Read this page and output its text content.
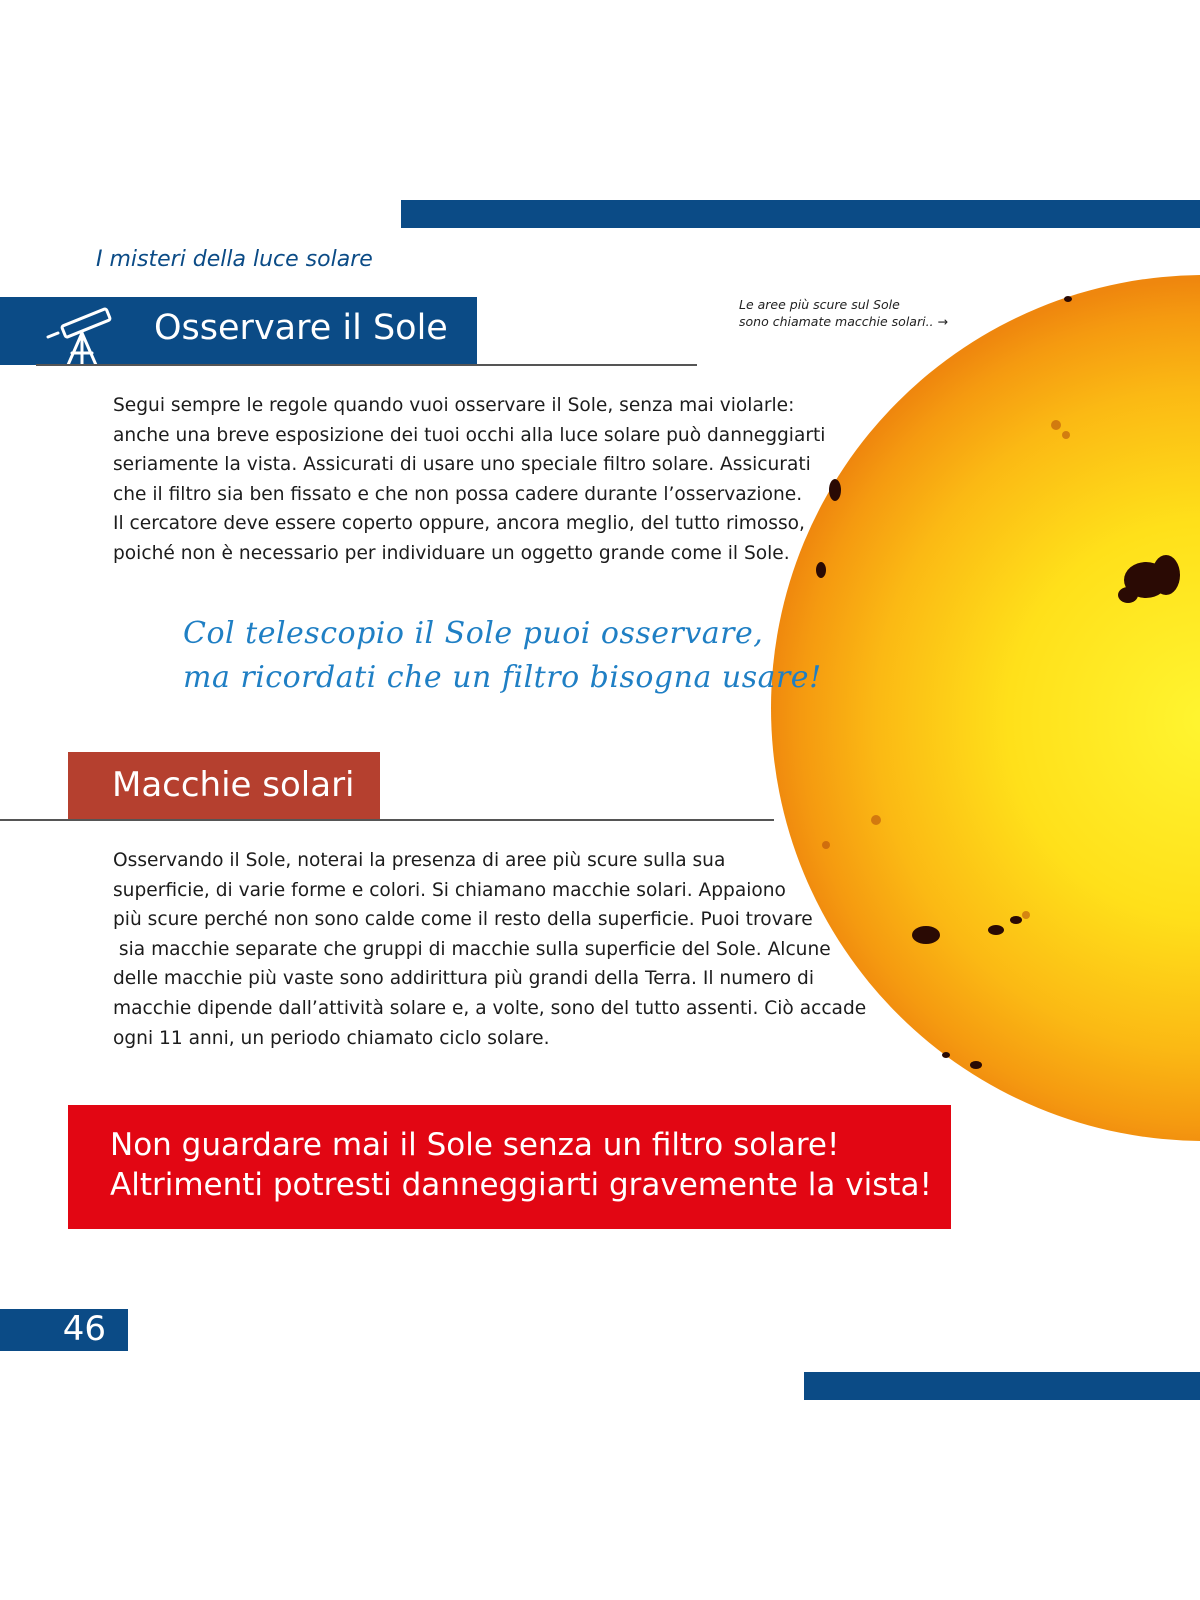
I misteri della luce solare
Osservare il Sole
Le aree più scure sul Sole
sono chiamate macchie solari.. →

Segui sempre le regole quando vuoi osservare il Sole, senza mai violarle:

anche una breve esposizione dei tuoi occhi alla luce solare può danneggiarti

seriamente la vista. Assicurati di usare uno speciale filtro solare. Assicurati

che il filtro sia ben fissato e che non possa cadere durante l’osservazione.

Il cercatore deve essere coperto oppure, ancora meglio, del tutto rimosso,

poiché non è necessario per individuare un oggetto grande come il Sole.

Col telescopio il Sole puoi osservare,
ma ricordati che un filtro bisogna usare!
Macchie solari

Osservando il Sole, noterai la presenza di aree più scure sulla sua

superficie, di varie forme e colori. Si chiamano macchie solari. Appaiono

più scure perché non sono calde come il resto della superficie. Puoi trovare

sia macchie separate che gruppi di macchie sulla superficie del Sole. Alcune

delle macchie più vaste sono addirittura più grandi della Terra. Il numero di

macchie dipende dall’attività solare e, a volte, sono del tutto assenti. Ciò accade

ogni 11 anni, un periodo chiamato ciclo solare.

Non guardare mai il Sole senza un filtro solare!
Altrimenti potresti danneggiarti gravemente la vista!
46
